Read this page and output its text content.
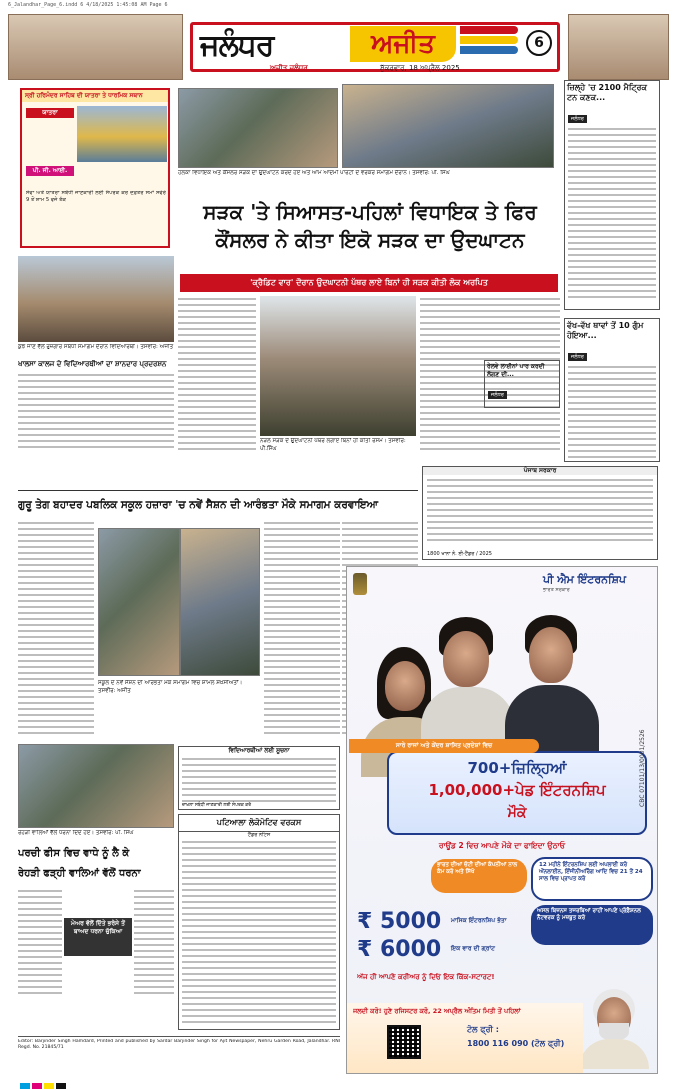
6_Jalandhar_Page_6.indd 6 4/18/2025 1:45:08 AM Page 6
ਜਲੰਧਰ	ਅਜੀਤ	6
ਅਜੀਤ ਜਲੰਧਰ	ਸ਼ੁੱਕਰਵਾਰ, 18 ਅਪ੍ਰੈਲ 2025
ਸ੍ਰੀ ਹਰਿਮੰਦਰ ਸਾਹਿਬ ਦੀ ਯਾਤਰਾ ਤੇ ਧਾਰਮਿਕ ਸਥਾਨ
ਯਾਤਰਾ
ਪੀ. ਜੀ. ਆਈ.
ਸੇਵਾ ਅਤੇ ਯਾਤਰਾ ਸਬੰਧੀ ਜਾਣਕਾਰੀ ਲਈ ਸੰਪਰਕ ਕਰੋ ਦਫ਼ਤਰ ਸਮਾਂ ਸਵੇਰੇ 9 ਤੋਂ ਸ਼ਾਮ 5 ਵਜੇ ਤੱਕ
ਹਲਕਾ ਵਿਧਾਇਕ ਅਤੇ ਕੌਂਸਲਰ ਸੜਕ ਦਾ ਉਦਘਾਟਨ ਕਰਦੇ ਹੋਏ ਅਤੇ ਆਮ ਆਦਮੀ ਪਾਰਟੀ ਦੇ ਵਰਕਰ ਸਮਾਗਮ ਦੌਰਾਨ। ਤਸਵੀਰ: ਪੀ. ਸਿੰਘ
ਜ਼ਿਲ੍ਹੇ 'ਚ 2100 ਮੈਟ੍ਰਿਕ ਟਨ ਕਣਕ...
ਜਲੰਧਰ
ਸੜਕ 'ਤੇ ਸਿਆਸਤ-ਪਹਿਲਾਂ ਵਿਧਾਇਕ ਤੇ ਫਿਰ
ਕੌਂਸਲਰ ਨੇ ਕੀਤਾ ਇਕੋ ਸੜਕ ਦਾ ਉਦਘਾਟਨ
'ਕ੍ਰੈਡਿਟ ਵਾਰ' ਦੌਰਾਨ ਉਦਘਾਟਨੀ ਪੱਥਰ ਲਾਏ ਬਿਨਾਂ ਹੀ ਸੜਕ ਕੀਤੀ ਲੋਕ ਅਰਪਿਤ
ਕੁਝ ਜਾਣ ਵੱਲੋਂ ਰੁਜ਼ਗਾਰ ਸਬੰਧੀ ਸਮਾਗਮ ਦੌਰਾਨ ਵਿਦਿਆਰਥੀ। ਤਸਵੀਰ: ਅਜੀਤ
ਖਾਲਸਾ ਕਾਲਜ ਦੇ ਵਿਦਿਆਰਥੀਆਂ ਦਾ ਸ਼ਾਨਦਾਰ ਪ੍ਰਦਰਸ਼ਨ
ਨੇੜਲੇ ਸੜਕ ਦੇ ਉਦਘਾਟਨੀ ਪੱਥਰ ਲਗਾਏ ਬਿਨਾਂ ਹੀ ਕੀਤੀ ਰਸਮ। ਤਸਵੀਰ: ਪੀ.ਸਿੰਘ
ਵੱਖ-ਵੱਖ ਥਾਵਾਂ ਤੋਂ 10 ਗੁੰਮ ਹੋਇਆ...
ਜਲੰਧਰ
ਰੇਲਵੇ ਲਾਈਨਾਂ ਪਾਰ ਕਰਦੀ ਲੱਗਣ ਦੀ...
ਜਲੰਧਰ
ਪੰਜਾਬ ਸਰਕਾਰ
1800 ਖਾਨਾ ਨੰ. ਈ-ਟੈਂਡਰ / 2025
ਗੁਰੂ ਤੇਗ ਬਹਾਦਰ ਪਬਲਿਕ ਸਕੂਲ ਹਜ਼ਾਰਾ 'ਚ ਨਵੇਂ ਸੈਸ਼ਨ ਦੀ ਆਰੰਭਤਾ ਮੌਕੇ ਸਮਾਗਮ ਕਰਵਾਇਆ
ਸਕੂਲ ਦੇ ਨਵੇਂ ਸੈਸ਼ਨ ਦੀ ਆਰੰਭਤਾ ਮੌਕੇ ਸਮਾਗਮ ਵਿਚ ਸ਼ਾਮਲ ਸ਼ਖ਼ਸੀਅਤਾਂ। ਤਸਵੀਰ: ਅਜੀਤ
ਰੇਹੜੀ ਵਾਲਿਆਂ ਵੱਲੋਂ ਧਰਨਾ ਦਿੰਦੇ ਹੋਏ। ਤਸਵੀਰ: ਪੀ. ਸਿੰਘ
ਪਰਚੀ ਫੀਸ ਵਿਚ ਵਾਧੇ ਨੂੰ ਲੈ ਕੇ
ਰੇਹੜੀ ਫੜ੍ਹੀ ਵਾਲਿਆਂ ਵੱਲੋਂ ਧਰਨਾ
ਮੇਅਰ ਵੱਲੋਂ ਦਿੱਤੇ ਭਰੋਸੇ ਤੋਂ ਬਾਅਦ ਧਰਨਾ ਚੁੱਕਿਆ
ਵਿਦਿਆਰਥੀਆਂ ਲਈ ਸੂਚਨਾ
ਦਾਖ਼ਲਾ ਸਬੰਧੀ ਜਾਣਕਾਰੀ ਲਈ ਸੰਪਰਕ ਕਰੋ
ਪਟਿਆਲਾ ਲੋਕੋਮੋਟਿਵ ਵਰਕਸ
ਟੈਂਡਰ ਨੋਟਿਸ
Editor: Barjinder Singh Hamdard, Printed and published by Sardar Barjinder Singh for Ajit Newspaper, Nehru Garden Road, Jalandhar. RNI Regd. No. 21845/71
ਪੀ ਐਮ ਇੰਟਰਨਸ਼ਿਪ
ਭਾਰਤ ਸਰਕਾਰ
ਸਾਰੇ ਰਾਜਾਂ ਅਤੇ ਕੇਂਦਰ ਸ਼ਾਸਿਤ ਪ੍ਰਦੇਸ਼ਾਂ ਵਿਚ
700+ਜ਼ਿਲ੍ਹਿਆਂ
1,00,000+ਪੇਡ ਇੰਟਰਨਸ਼ਿਪ
ਮੌਕੇ
ਰਾਊਂਡ 2 ਵਿਚ ਆਪਣੇ ਮੌਕੇ ਦਾ ਫਾਇਦਾ ਉਠਾਓ
ਭਾਰਤ ਦੀਆਂ ਚੋਟੀ ਦੀਆਂ ਕੰਪਨੀਆਂ ਨਾਲ ਕੰਮ ਕਰੋ ਅਤੇ ਸਿੱਖੋ
12 ਮਹੀਨੇ ਇੰਟਰਨਸ਼ਿਪ ਲਈ ਅਪਲਾਈ ਕਰੋ ਔਨਲਾਈਨ, ਇੰਜੀਨੀਅਰਿੰਗ ਆਦਿ ਵਿਚ 21 ਤੋਂ 24 ਸਾਲ ਵਿਚ ਪ੍ਰਾਪਤ ਕਰੋ
ਅਸਲ ਬਿਜ਼ਨਸ ਤਜਰਬਿਆਂ ਰਾਹੀਂ ਆਪਣੇ ਪ੍ਰੋਫ਼ੈਸ਼ਨਲ ਨੈੱਟਵਰਕ ਨੂੰ ਮਜ਼ਬੂਤ ਕਰੋ
₹ 5000 ਮਾਸਿਕ ਇੰਟਰਨਸ਼ਿਪ ਭੱਤਾ
₹ 6000 ਇਕ ਵਾਰ ਦੀ ਗ੍ਰਾਂਟ
ਅੱਜ ਹੀ ਆਪਣੇ ਕਰੀਅਰ ਨੂੰ ਦਿਓ ਇਕ ਕਿੱਕ-ਸਟਾਰਟ!
ਜਲਦੀ ਕਰੋ! ਹੁਣੇ ਰਜਿਸਟਰ ਕਰੋ, 22 ਅਪ੍ਰੈਲ ਅੰਤਿਮ ਮਿਤੀ ਤੋਂ ਪਹਿਲਾਂ
ਟੋਲ ਫ੍ਰੀ :
1800 116 090 (ਟੋਲ ਫ੍ਰੀ)
CBC 07101/13/0001/2526
